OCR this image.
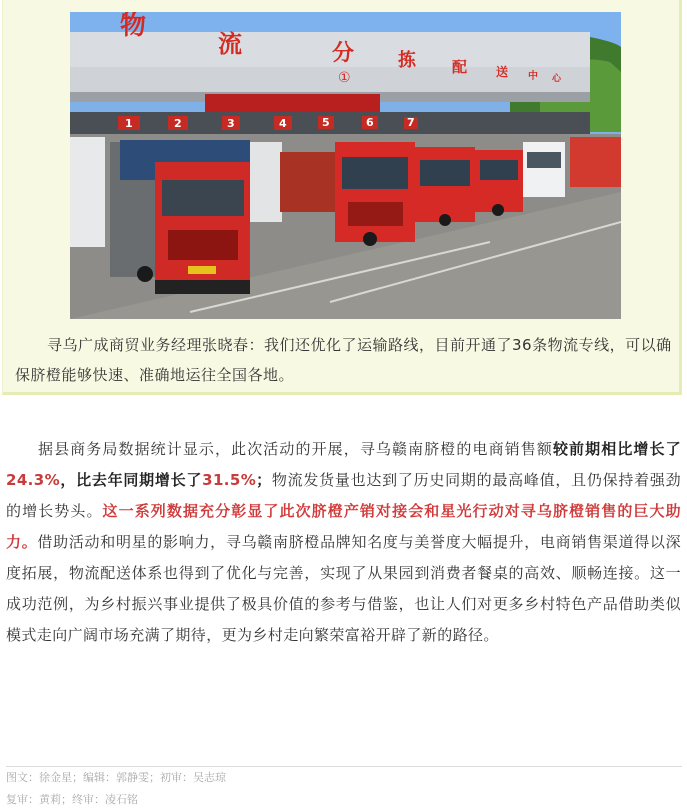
物
流	分 拣 配 送 中 心
①
1	2	3	4	5	6	7

寻乌广成商贸业务经理张晓春：我们还优化了运输路线，目前开通了36条物流专线，可以确保脐橙能够快速、准确地运往全国各地。

据县商务局数据统计显示，此次活动的开展，寻乌赣南脐橙的电商销售额较前期相比增长了24.3%，比去年同期增长了31.5%；物流发货量也达到了历史同期的最高峰值，且仍保持着强劲的增长势头。这一系列数据充分彰显了此次脐橙产销对接会和星光行动对寻乌脐橙销售的巨大助力。借助活动和明星的影响力，寻乌赣南脐橙品牌知名度与美誉度大幅提升，电商销售渠道得以深度拓展，物流配送体系也得到了优化与完善，实现了从果园到消费者餐桌的高效、顺畅连接。这一成功范例，为乡村振兴事业提供了极具价值的参考与借鉴，也让人们对更多乡村特色产品借助类似模式走向广阔市场充满了期待，更为乡村走向繁荣富裕开辟了新的路径。

图文：徐金星；编辑：郭静雯；初审：吴志琼
复审：黄莉；终审：凌石铭
